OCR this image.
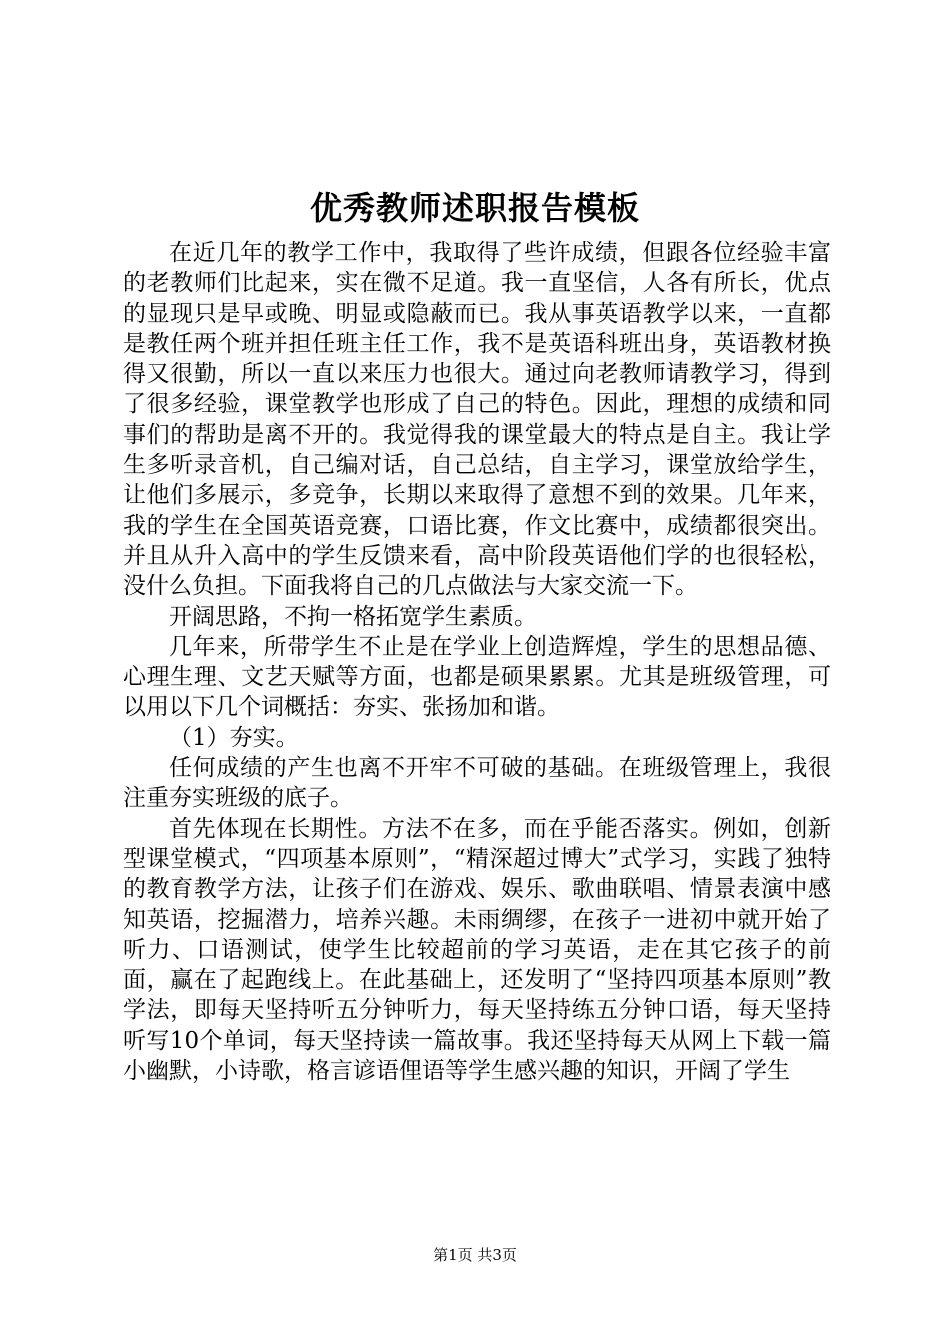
优秀教师述职报告模板

在近几年的教学工作中，我取得了些许成绩，但跟各位经验丰富的老教师们比起来，实在微不足道。我一直坚信，人各有所长，优点的显现只是早或晚、明显或隐蔽而已。我从事英语教学以来，一直都是教任两个班并担任班主任工作，我不是英语科班出身，英语教材换得又很勤，所以一直以来压力也很大。通过向老教师请教学习，得到了很多经验，课堂教学也形成了自己的特色。因此，理想的成绩和同事们的帮助是离不开的。我觉得我的课堂最大的特点是自主。我让学生多听录音机，自己编对话，自己总结，自主学习，课堂放给学生，让他们多展示，多竞争，长期以来取得了意想不到的效果。几年来，我的学生在全国英语竞赛，口语比赛，作文比赛中，成绩都很突出。并且从升入高中的学生反馈来看，高中阶段英语他们学的也很轻松，没什么负担。下面我将自己的几点做法与大家交流一下。

开阔思路，不拘一格拓宽学生素质。

几年来，所带学生不止是在学业上创造辉煌，学生的思想品德、心理生理、文艺天赋等方面，也都是硕果累累。尤其是班级管理，可以用以下几个词概括：夯实、张扬加和谐。

（1）夯实。

任何成绩的产生也离不开牢不可破的基础。在班级管理上，我很注重夯实班级的底子。

首先体现在长期性。方法不在多，而在乎能否落实。例如，创新型课堂模式，“四项基本原则”，“精深超过博大”式学习，实践了独特的教育教学方法，让孩子们在游戏、娱乐、歌曲联唱、情景表演中感知英语，挖掘潜力，培养兴趣。未雨绸缪，在孩子一进初中就开始了听力、口语测试，使学生比较超前的学习英语，走在其它孩子的前面，赢在了起跑线上。在此基础上，还发明了“坚持四项基本原则”教学法，即每天坚持听五分钟听力，每天坚持练五分钟口语，每天坚持听写10个单词，每天坚持读一篇故事。我还坚持每天从网上下载一篇小幽默，小诗歌，格言谚语俚语等学生感兴趣的知识，开阔了学生

第1页 共3页
